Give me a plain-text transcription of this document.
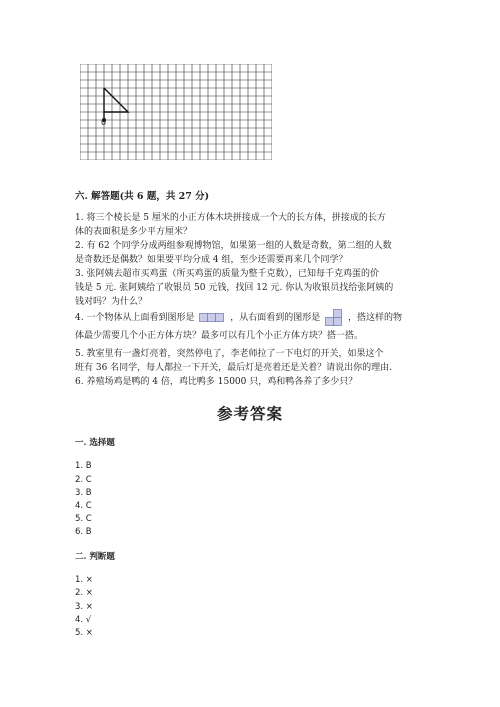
0
六. 解答题(共 6 题，共 27 分)
1. 将三个棱长是 5 厘米的小正方体木块拼接成一个大的长方体，拼接成的长方
体的表面积是多少平方厘米？
2. 有 62 个同学分成两组参观博物馆，如果第一组的人数是奇数，第二组的人数
是奇数还是偶数？如果要平均分成 4 组，至少还需要再来几个同学？
3. 张阿姨去超市买鸡蛋（所买鸡蛋的质量为整千克数），已知每千克鸡蛋的价
钱是 5 元. 张阿姨给了收银员 50 元钱，找回 12 元. 你认为收银员找给张阿姨的
钱对吗？为什么？
4. 一个物体从上面看到图形是	，从右面看到的图形是	，搭这样的物
体最少需要几个小正方体方块？最多可以有几个小正方体方块？搭一搭。
5. 教室里有一盏灯亮着，突然停电了，李老师拉了一下电灯的开关，如果这个
班有 36 名同学，每人都拉一下开关，最后灯是亮着还是关着？请说出你的理由.
6. 养殖场鸡是鸭的 4 倍，鸡比鸭多 15000 只，鸡和鸭各养了多少只？
参考答案
一. 选择题
1. B
2. C
3. B
4. C
5. C
6. B
二. 判断题
1. ×
2. ×
3. ×
4. √
5. ×
